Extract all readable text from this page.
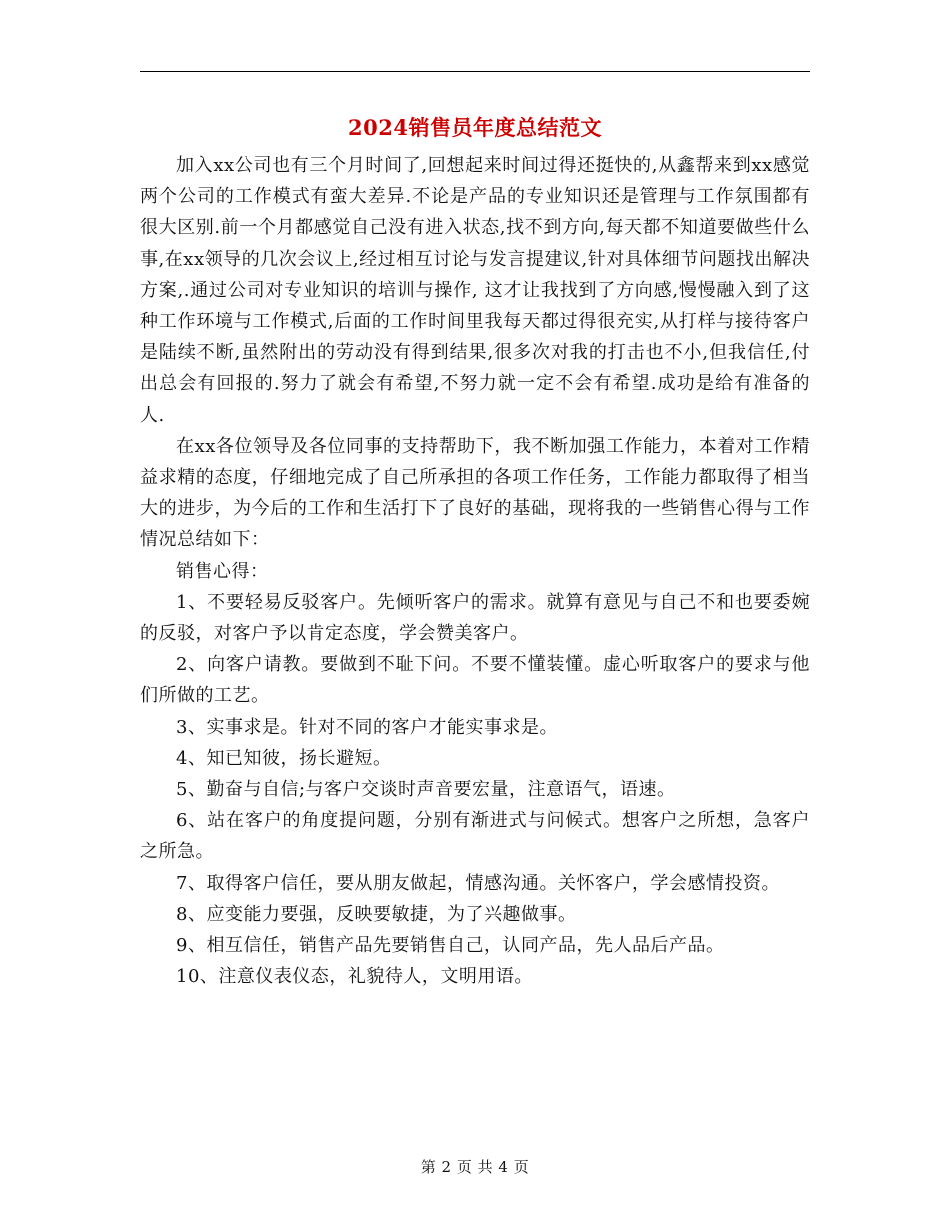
2024销售员年度总结范文

加入xx公司也有三个月时间了,回想起来时间过得还挺快的,从鑫帮来到xx感觉两个公司的工作模式有蛮大差异.不论是产品的专业知识还是管理与工作氛围都有很大区别.前一个月都感觉自己没有进入状态,找不到方向,每天都不知道要做些什么事,在xx领导的几次会议上,经过相互讨论与发言提建议,针对具体细节问题找出解决方案,.通过公司对专业知识的培训与操作, 这才让我找到了方向感,慢慢融入到了这种工作环境与工作模式,后面的工作时间里我每天都过得很充实,从打样与接待客户是陆续不断,虽然附出的劳动没有得到结果,很多次对我的打击也不小,但我信任,付出总会有回报的.努力了就会有希望,不努力就一定不会有希望.成功是给有准备的人.

在xx各位领导及各位同事的支持帮助下，我不断加强工作能力，本着对工作精益求精的态度，仔细地完成了自己所承担的各项工作任务，工作能力都取得了相当大的进步，为今后的工作和生活打下了良好的基础，现将我的一些销售心得与工作情况总结如下：

销售心得：

1、不要轻易反驳客户。先倾听客户的需求。就算有意见与自己不和也要委婉的反驳，对客户予以肯定态度，学会赞美客户。

2、向客户请教。要做到不耻下问。不要不懂装懂。虚心听取客户的要求与他们所做的工艺。

3、实事求是。针对不同的客户才能实事求是。

4、知已知彼，扬长避短。

5、勤奋与自信;与客户交谈时声音要宏量，注意语气，语速。

6、站在客户的角度提问题，分别有渐进式与问候式。想客户之所想，急客户之所急。

7、取得客户信任，要从朋友做起，情感沟通。关怀客户，学会感情投资。

8、应变能力要强，反映要敏捷，为了兴趣做事。

9、相互信任，销售产品先要销售自己，认同产品，先人品后产品。

10、注意仪表仪态，礼貌待人，文明用语。

第 2 页 共 4 页
